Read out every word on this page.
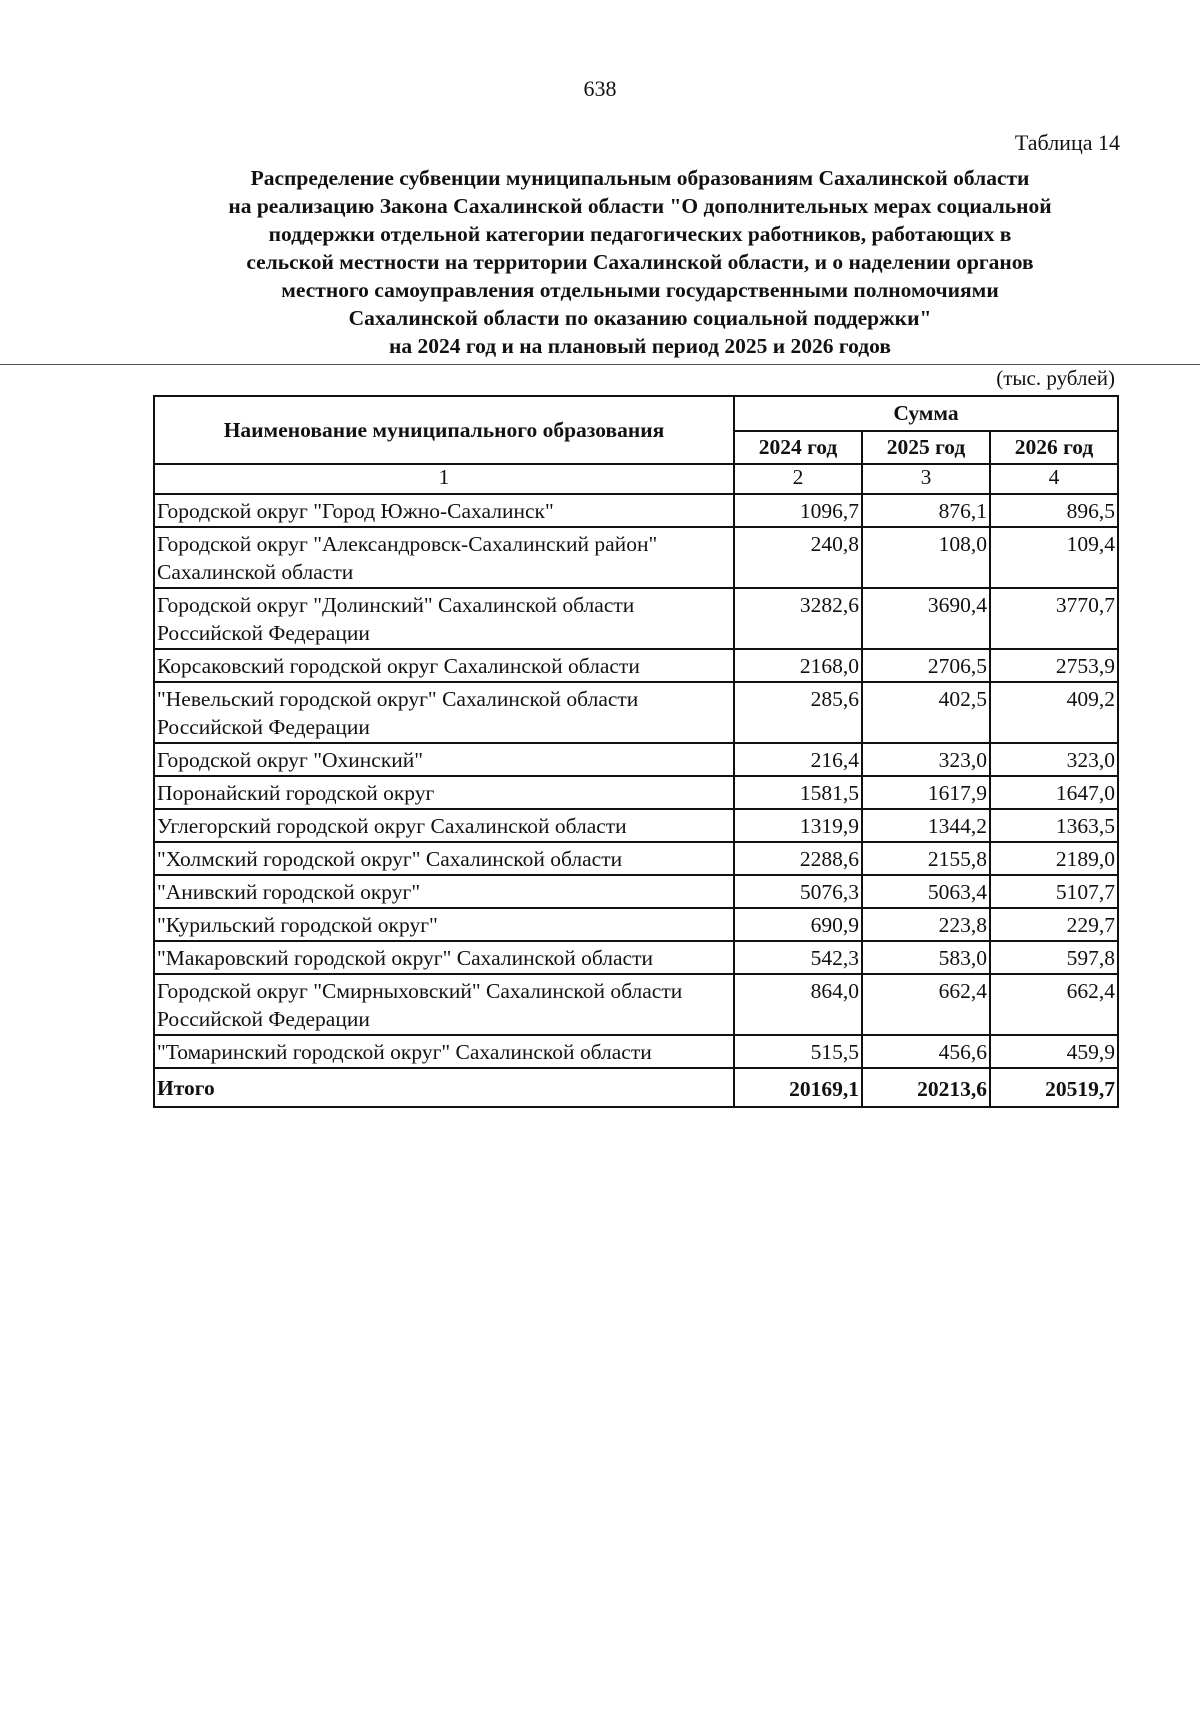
638
Таблица 14
Распределение субвенции муниципальным образованиям Сахалинской области
на реализацию Закона Сахалинской области "О дополнительных мерах социальной
поддержки отдельной категории педагогических работников, работающих в
сельской местности на территории Сахалинской области, и о наделении органов
местного самоуправления отдельными государственными полномочиями
Сахалинской области по оказанию социальной поддержки"
на 2024 год и на плановый период 2025 и 2026 годов
(тыс. рублей)
Наименование муниципального образования	Сумма		
	2024 год	2025 год	2026 год
1	2	3	4
Городской округ "Город Южно-Сахалинск"	1096,7	876,1	896,5
Городской округ "Александровск-Сахалинский район" Сахалинской области	240,8	108,0	109,4
Городской округ "Долинский" Сахалинской области Российской Федерации	3282,6	3690,4	3770,7
Корсаковский городской округ Сахалинской области	2168,0	2706,5	2753,9
"Невельский городской округ" Сахалинской области Российской Федерации	285,6	402,5	409,2
Городской округ "Охинский"	216,4	323,0	323,0
Поронайский городской округ	1581,5	1617,9	1647,0
Углегорский городской округ Сахалинской области	1319,9	1344,2	1363,5
"Холмский городской округ" Сахалинской области	2288,6	2155,8	2189,0
"Анивский городской округ"	5076,3	5063,4	5107,7
"Курильский городской округ"	690,9	223,8	229,7
"Макаровский городской округ" Сахалинской области	542,3	583,0	597,8
Городской округ "Смирныховский" Сахалинской области Российской Федерации	864,0	662,4	662,4
"Томаринский городской округ" Сахалинской области	515,5	456,6	459,9
Итого	20169,1	20213,6	20519,7
